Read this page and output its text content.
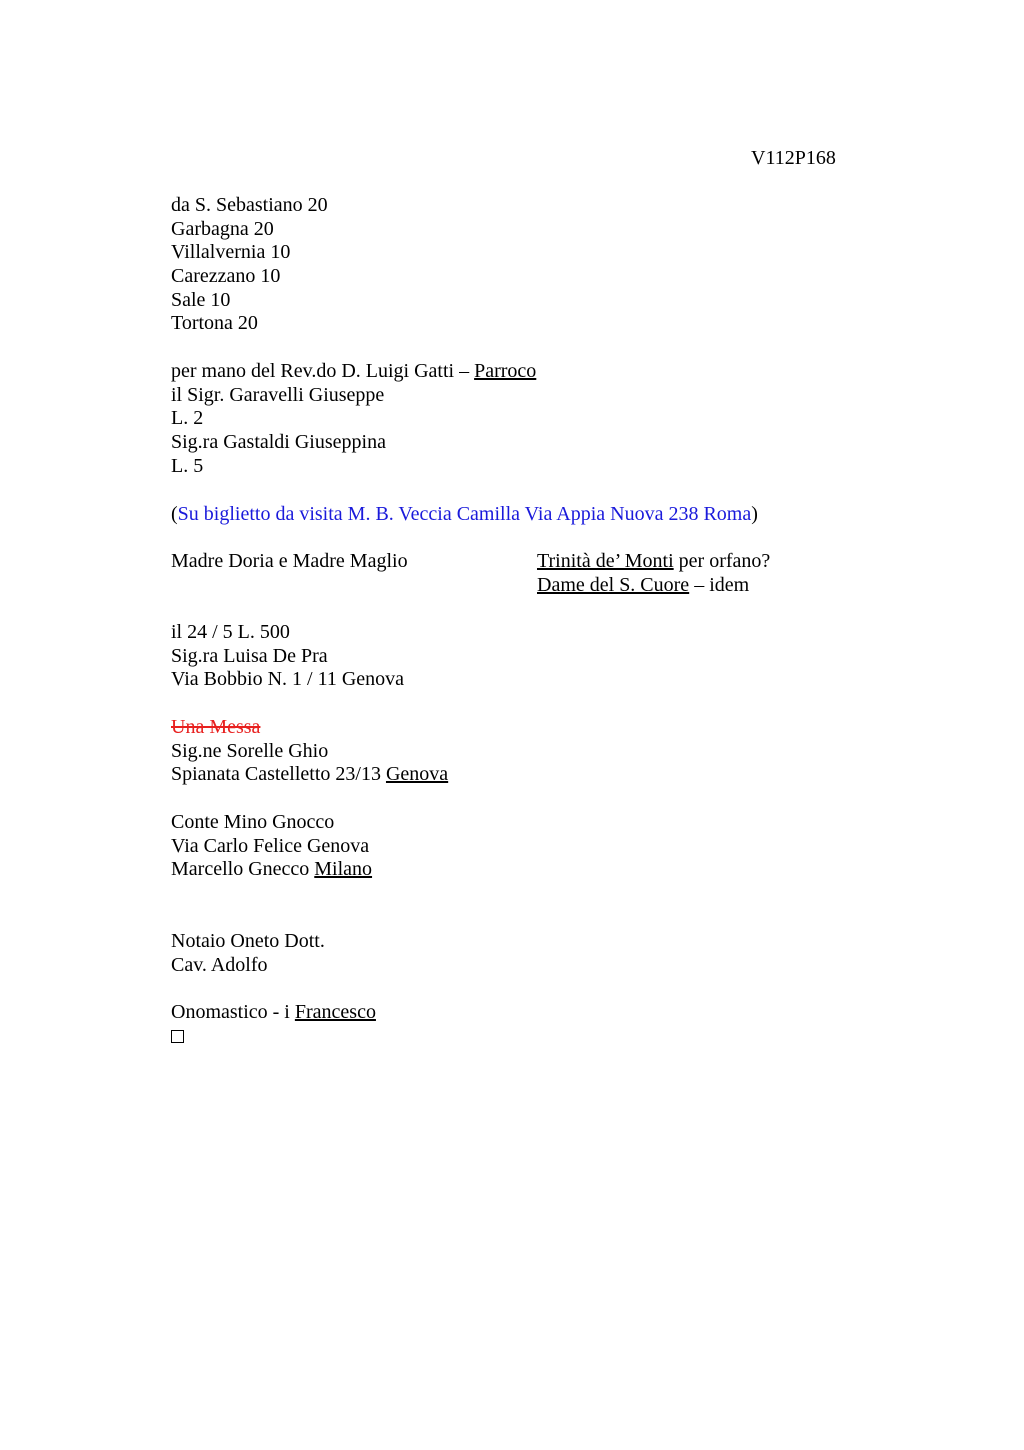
V112P168
da S. Sebastiano 20
Garbagna 20
Villalvernia 10
Carezzano 10
Sale 10
Tortona 20
per mano del Rev.do D. Luigi Gatti – Parroco
il Sigr. Garavelli Giuseppe
L. 2
Sig.ra Gastaldi Giuseppina
L. 5
(Su biglietto da visita M. B. Veccia Camilla Via Appia Nuova 238 Roma)
Madre Doria e Madre Maglio	Trinità de’ Monti per orfano?
Dame del S. Cuore – idem
il 24 / 5 L. 500
Sig.ra Luisa De Pra
Via Bobbio N. 1 / 11 Genova
Una Messa
Sig.ne Sorelle Ghio
Spianata Castelletto 23/13 Genova
Conte Mino Gnocco
Via Carlo Felice Genova
Marcello Gnecco Milano
Notaio Oneto Dott.
Cav. Adolfo
Onomastico - i Francesco
